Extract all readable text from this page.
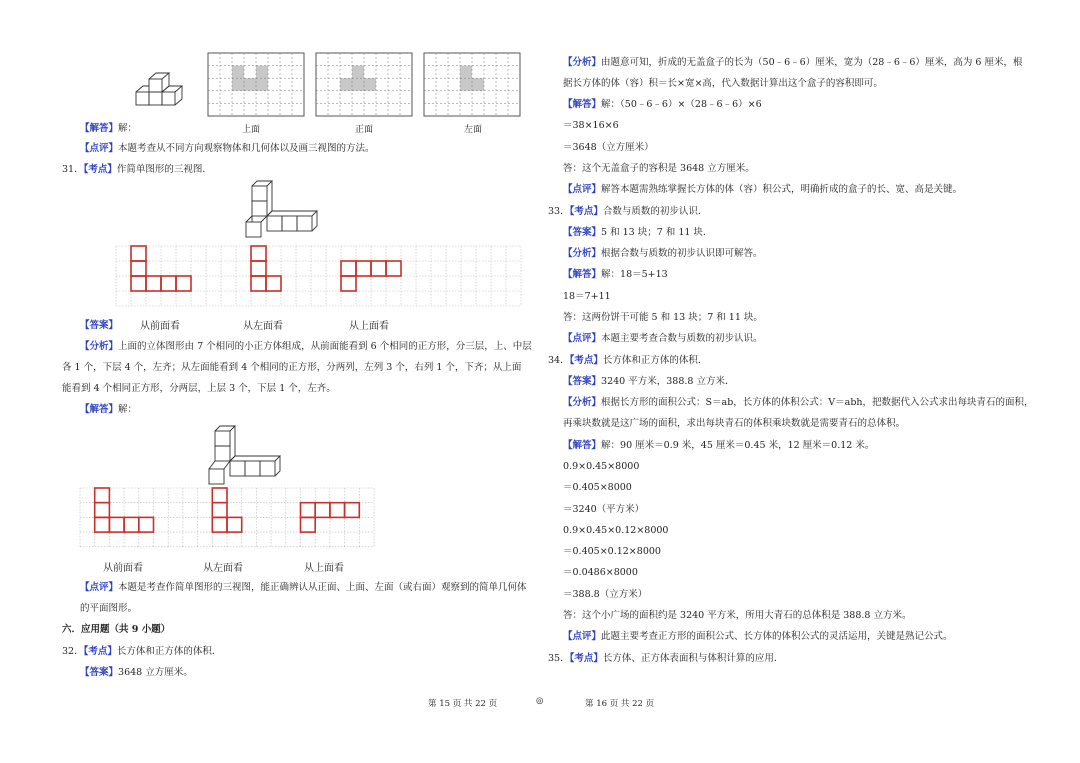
上面	正面	左面
【解答】解：
【点评】本题考查从不同方向观察物体和几何体以及画三视图的方法。
31．【考点】作简单图形的三视图．
【答案】 从前面看	从左面看	从上面看
【分析】上面的立体图形由 7 个相同的小正方体组成，从前面能看到 6 个相同的正方形，分三层，上、中层
各 1 个，下层 4 个，左齐；从左面能看到 4 个相同的正方形，分两列，左列 3 个，右列 1 个，下齐；从上面
能看到 4 个相同正方形，分两层，上层 3 个，下层 1 个，左齐。
【解答】解：
从前面看	从左面看	从上面看
【点评】本题是考查作简单图形的三视图，能正确辨认从正面、上面、左面（或右面）观察到的简单几何体
的平面图形。
六．应用题（共 9 小题）
32．【考点】长方体和正方体的体积．
【答案】3648 立方厘米。
【分析】由题意可知，折成的无盖盒子的长为（50﹣6﹣6）厘米，宽为（28﹣6﹣6）厘米，高为 6 厘米，根
据长方体的体（容）积＝长×宽×高，代入数据计算出这个盒子的容积即可。
【解答】解：（50﹣6﹣6）×（28﹣6﹣6）×6
＝38×16×6
＝3648（立方厘米）
答：这个无盖盒子的容积是 3648 立方厘米。
【点评】解答本题需熟练掌握长方体的体（容）积公式，明确折成的盒子的长、宽、高是关键。
33．【考点】合数与质数的初步认识．
【答案】5 和 13 块；7 和 11 块．
【分析】根据合数与质数的初步认识即可解答。
【解答】解：18＝5+13
18＝7+11
答：这两份饼干可能 5 和 13 块；7 和 11 块。
【点评】本题主要考查合数与质数的初步认识。
34．【考点】长方体和正方体的体积．
【答案】3240 平方米，388.8 立方米．
【分析】根据长方形的面积公式：S＝ab，长方体的体积公式：V＝abh，把数据代入公式求出每块青石的面积，
再乘块数就是这广场的面积，求出每块青石的体积乘块数就是需要青石的总体积。
【解答】解：90 厘米＝0.9 米，45 厘米＝0.45 米，12 厘米＝0.12 米。
0.9×0.45×8000
＝0.405×8000
＝3240（平方米）
0.9×0.45×0.12×8000
＝0.405×0.12×8000
＝0.0486×8000
＝388.8（立方米）
答：这个小广场的面积约是 3240 平方米，所用大青石的总体积是 388.8 立方米。
【点评】此题主要考查正方形的面积公式、长方体的体积公式的灵活运用，关键是熟记公式。
35．【考点】长方体、正方体表面积与体积计算的应用．
第 15 页 共 22 页	◎	第 16 页 共 22 页
